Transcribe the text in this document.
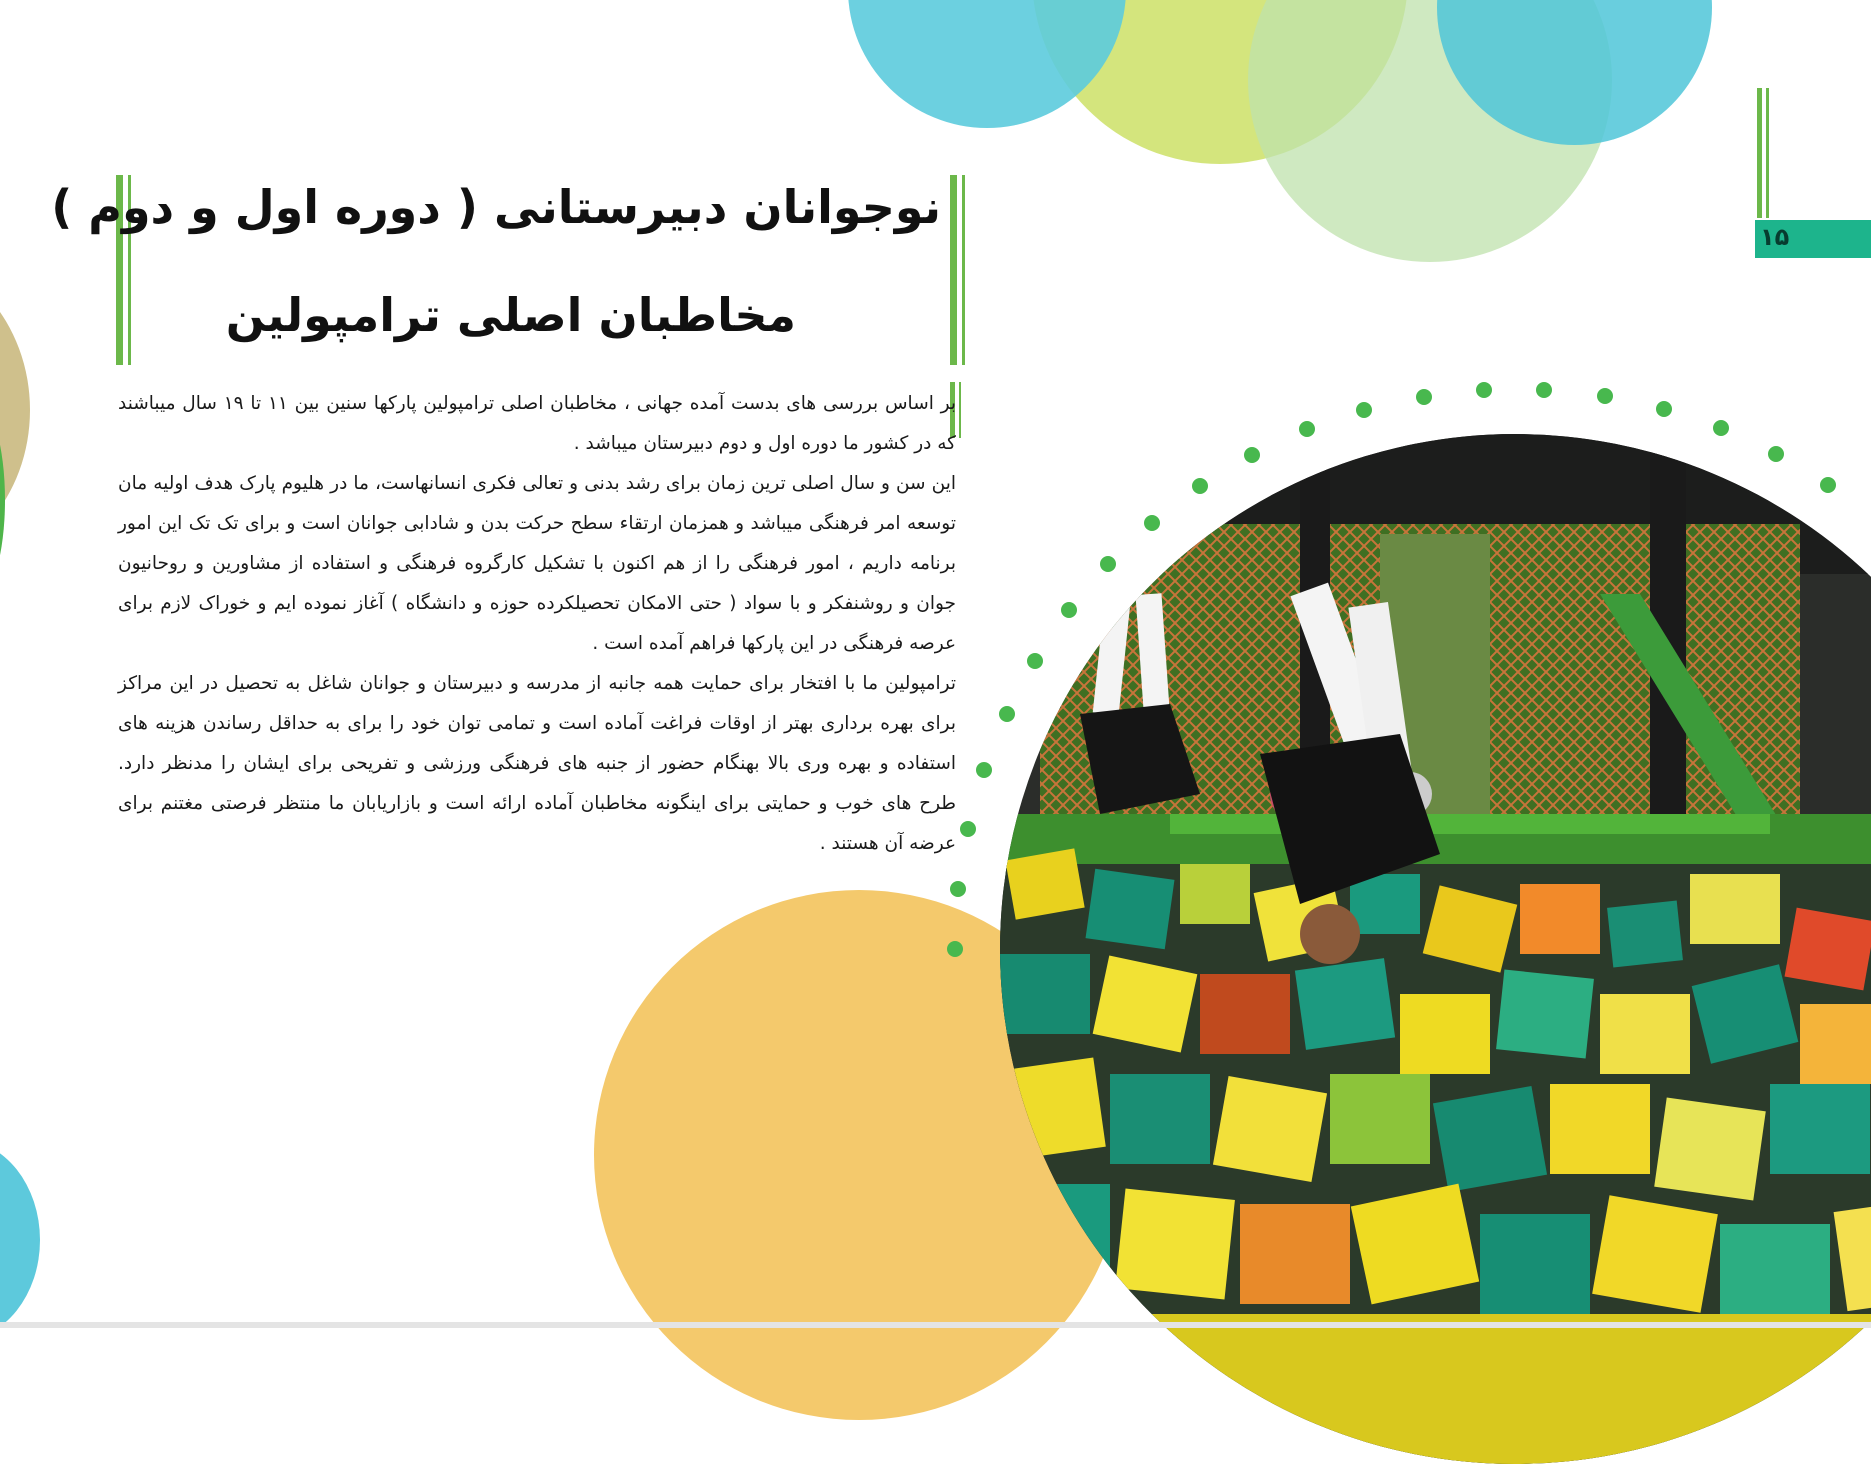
۱۵
نوجوانان دبیرستانی ( دوره اول و دوم )
مخاطبان اصلی ترامپولین

بر اساس بررسی های بدست آمده جهانی ، مخاطبان اصلی ترامپولین پارکها سنین بین ۱۱ تا ۱۹ سال میباشند که در کشور ما دوره اول و دوم دبیرستان میباشد .

این سن و سال اصلی ترین زمان برای رشد بدنی و تعالی فکری انسانهاست، ما در هلیوم پارک هدف اولیه مان توسعه امر فرهنگی میباشد و همزمان ارتقاء سطح حرکت بدن و شادابی جوانان است و برای تک تک این امور برنامه داریم ، امور فرهنگی را از هم اکنون با تشکیل کارگروه فرهنگی و استفاده از مشاورین و روحانیون جوان و روشنفکر و با سواد ( حتی الامکان تحصیلکرده حوزه و دانشگاه ) آغاز نموده ایم و خوراک لازم برای عرصه فرهنگی در این پارکها فراهم آمده است .

ترامپولین ما با افتخار برای حمایت همه جانبه از مدرسه و دبیرستان و جوانان شاغل به تحصیل در این مراکز برای بهره برداری بهتر از اوقات فراغت آماده است و تمامی توان خود را برای به حداقل رساندن هزینه های استفاده و بهره وری بالا بهنگام حضور از جنبه های فرهنگی ورزشی و تفریحی برای ایشان را مدنظر دارد. طرح های خوب و حمایتی برای اینگونه مخاطبان آماده ارائه است و بازاریابان ما منتظر فرصتی مغتنم برای عرضه آن هستند .
